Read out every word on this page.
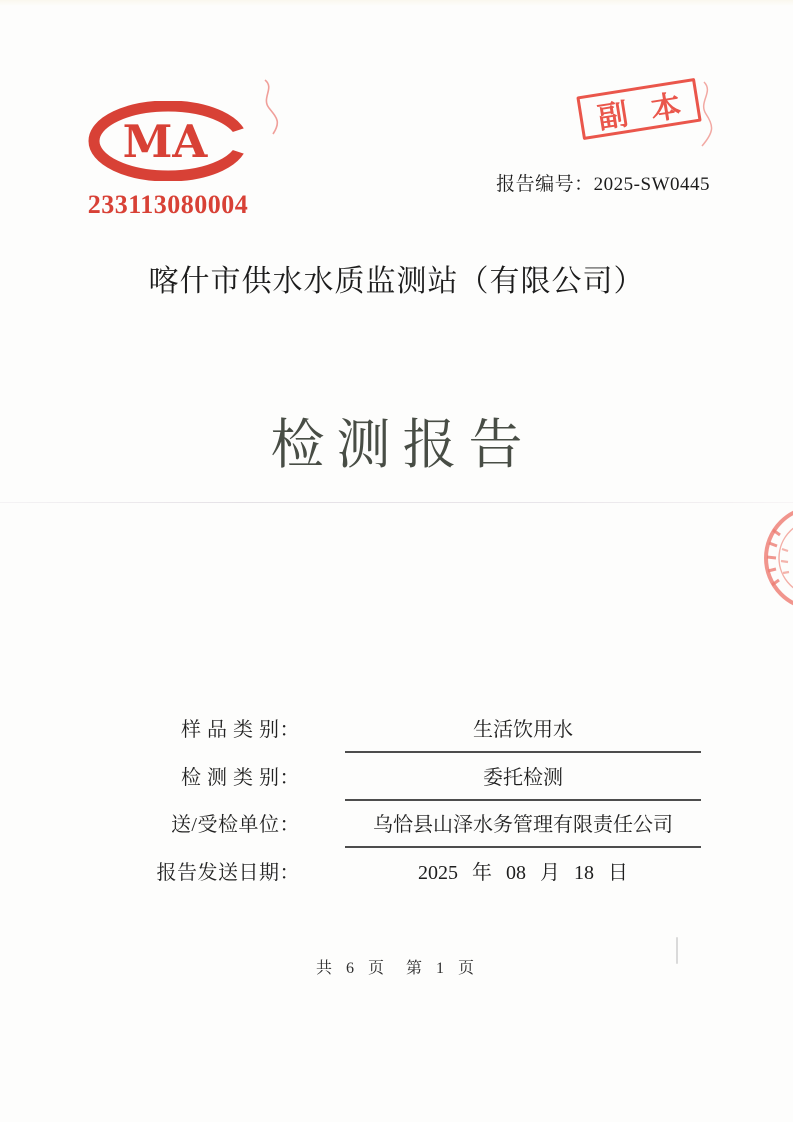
MA
233113080004
副 本
报告编号：2025-SW0445
喀什市供水水质监测站（有限公司）
检测报告
样 品 类 别：	生活饮用水
检 测 类 别：	委托检测
送/受检单位：	乌恰县山泽水务管理有限责任公司
报告发送日期：	2025 年 08 月 18 日
共 6 页　第 1 页
